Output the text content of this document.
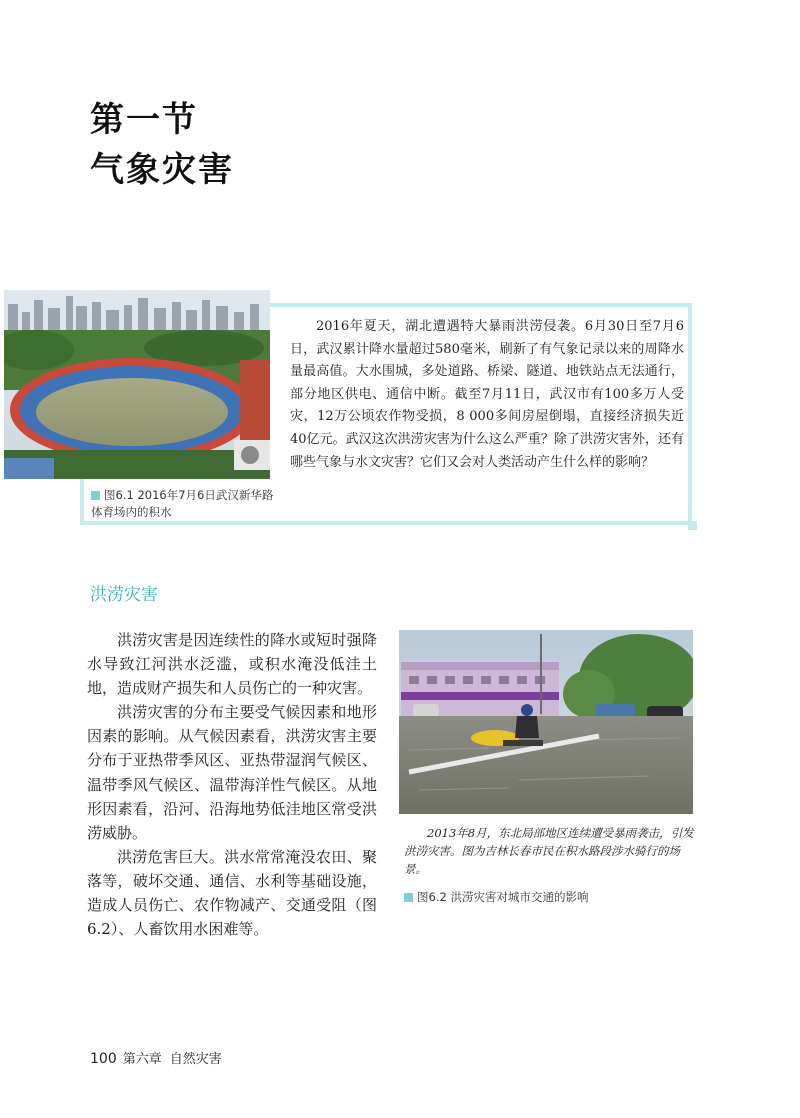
第一节
气象灾害
2016年夏天，湖北遭遇特大暴雨洪涝侵袭。6月30日至7月6日，武汉累计降水量超过580毫米，刷新了有气象记录以来的周降水量最高值。大水围城，多处道路、桥梁、隧道、地铁站点无法通行，部分地区供电、通信中断。截至7月11日，武汉市有100多万人受灾，12万公顷农作物受损，8 000多间房屋倒塌，直接经济损失近40亿元。武汉这次洪涝灾害为什么这么严重？除了洪涝灾害外，还有哪些气象与水文灾害？它们又会对人类活动产生什么样的影响？
图6.1 2016年7月6日武汉新华路体育场内的积水
洪涝灾害

洪涝灾害是因连续性的降水或短时强降水导致江河洪水泛滥，或积水淹没低洼土地，造成财产损失和人员伤亡的一种灾害。

洪涝灾害的分布主要受气候因素和地形因素的影响。从气候因素看，洪涝灾害主要分布于亚热带季风区、亚热带湿润气候区、温带季风气候区、温带海洋性气候区。从地形因素看，沿河、沿海地势低洼地区常受洪涝威胁。

洪涝危害巨大。洪水常常淹没农田、聚落等，破坏交通、通信、水利等基础设施，造成人员伤亡、农作物减产、交通受阻（图6.2）、人畜饮用水困难等。

2013年8月，东北局部地区连续遭受暴雨袭击，引发洪涝灾害。图为吉林长春市民在积水路段涉水骑行的场景。
图6.2 洪涝灾害对城市交通的影响
100 第六章 自然灾害
